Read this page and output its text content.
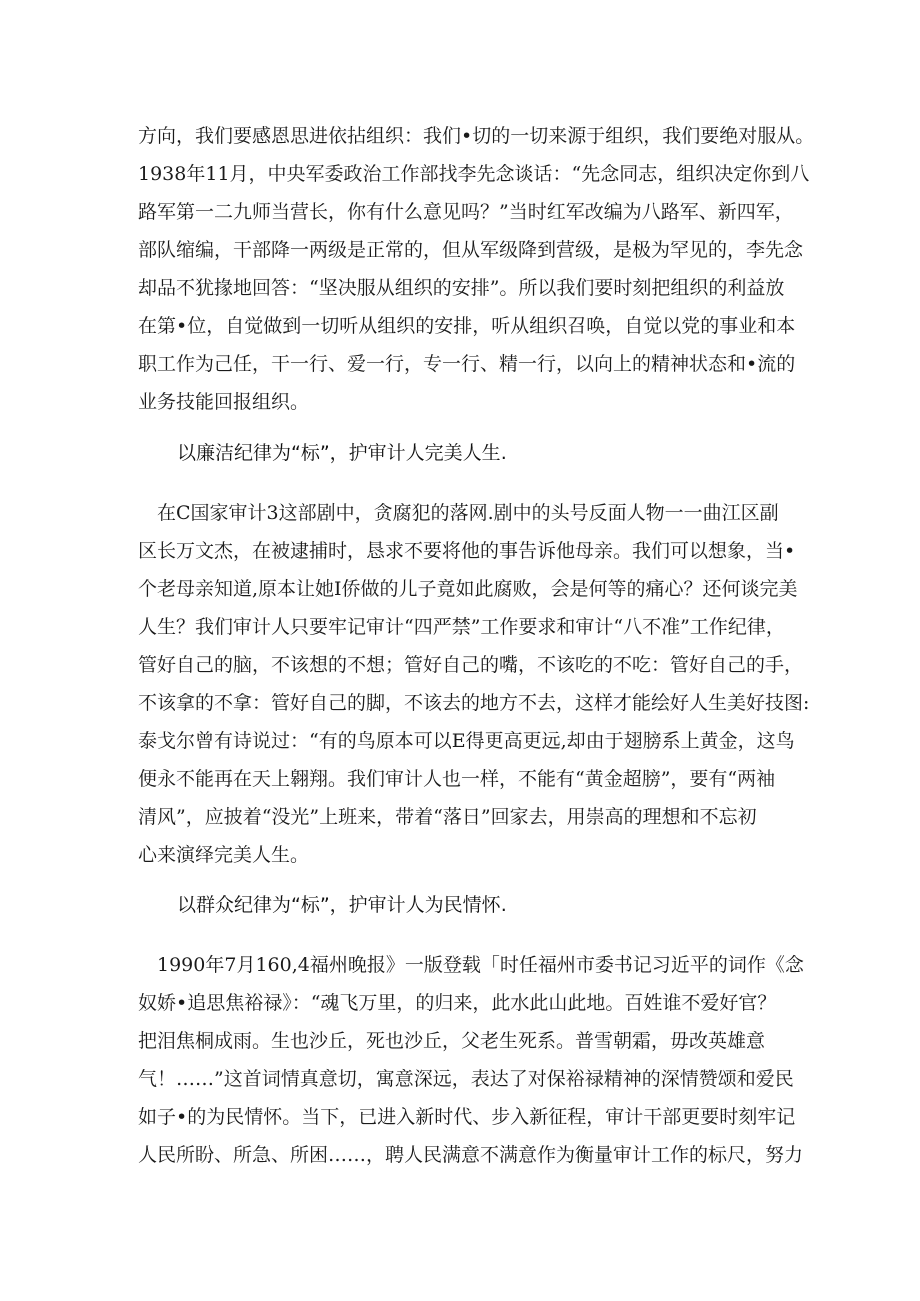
方向，我们要感恩思进依拈组织：我们•切的一切来源于组织，我们要绝对服从。
1938年11月，中央军委政治工作部找李先念谈话：“先念同志，组织决定你到八
路军第一二九师当营长，你有什么意见吗？”当时红军改编为八路军、新四军，
部队缩编，干部降一两级是正常的，但从军级降到营级，是极为罕见的，李先念
却品不犹掾地回答：“坚决服从组织的安排”。所以我们要时刻把组织的利益放
在第•位，自觉做到一切听从组织的安排，听从组织召唤，自觉以党的事业和本
职工作为己任，干一行、爱一行，专一行、精一行，以向上的精神状态和•流的
业务技能回报组织。
以廉洁纪律为“标”，护审计人完美人生.
　在C国家审计3这部剧中，贪腐犯的落网.剧中的头号反面人物一一曲江区副
区长万文杰，在被逮捕时，恳求不要将他的事告诉他母亲。我们可以想象，当•
个老母亲知道,原本让她I侨做的儿子竟如此腐败，会是何等的痛心？还何谈完美
人生？我们审计人只要牢记审计“四严禁”工作要求和审计“八不准”工作纪律，
管好自己的脑，不该想的不想；管好自己的嘴，不该吃的不吃：管好自己的手，
不该拿的不拿：管好自己的脚，不该去的地方不去，这样才能绘好人生美好技图:
泰戈尔曾有诗说过：“有的鸟原本可以E得更高更远,却由于翅膀系上黄金，这鸟
便永不能再在天上翱翔。我们审计人也一样，不能有“黄金超膀”，要有“两袖
清风”，应披着“没光”上班来，带着“落日”回家去，用崇高的理想和不忘初
心来演绎完美人生。
以群众纪律为“标”，护审计人为民情怀.
　1990年7月160,4福州晚报》一版登载「时任福州市委书记习近平的词作《念
奴娇•追思焦裕禄》：“魂飞万里，的归来，此水此山此地。百姓谁不爱好官？
把泪焦桐成雨。生也沙丘，死也沙丘，父老生死系。普雪朝霜，毋改英雄意
气！……”这首词情真意切，寓意深远，表达了对保裕禄精神的深情赞颂和爱民
如子•的为民情怀。当下，已进入新时代、步入新征程，审计干部更要时刻牢记
人民所盼、所急、所困……，聘人民满意不满意作为衡量审计工作的标尺，努力
